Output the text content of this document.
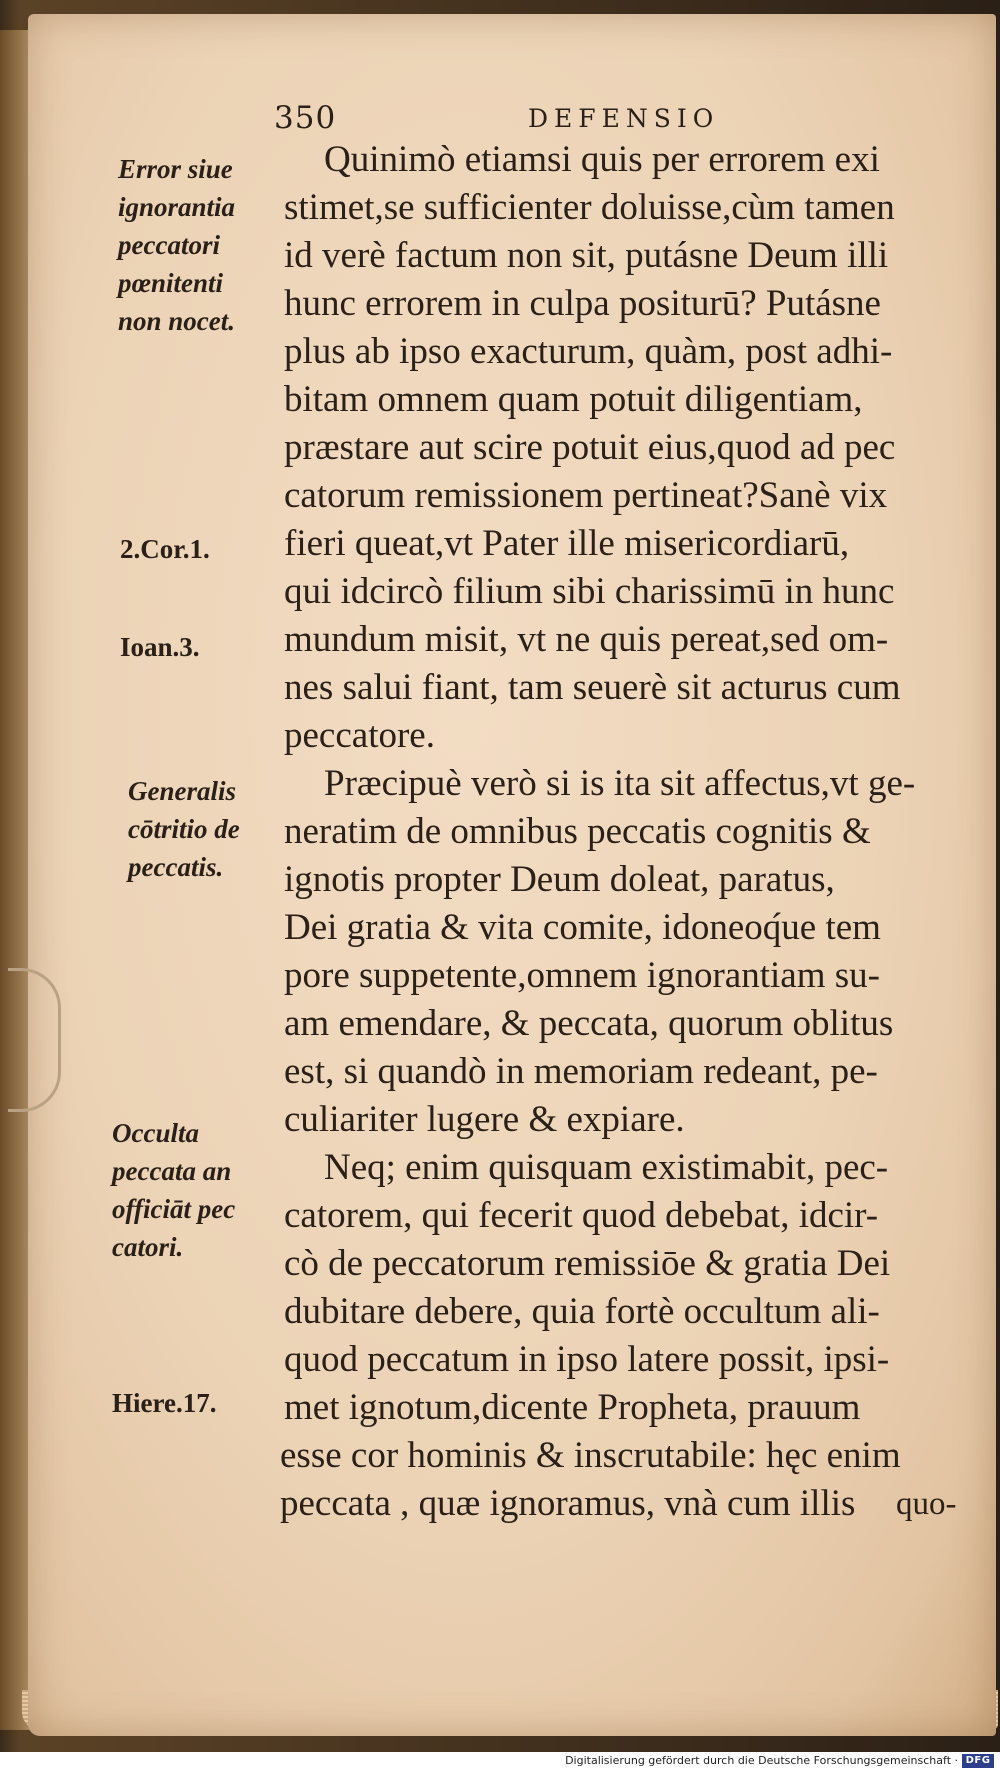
350	DEFENSIO
Error siue
ignorantia
peccatori
pœnitenti
non nocet.
2.Cor.1.
Ioan.3.
Generalis
cōtritio de
peccatis.
Occulta
peccata an
officiāt pec
catori.
Hiere.17.
Quinimò etiamsi quis per errorem exi
stimet,se sufficienter doluisse,cùm tamen
id verè factum non sit, putásne Deum illi
hunc errorem in culpa positurū? Putásne
plus ab ipso exacturum, quàm, post adhi-
bitam omnem quam potuit diligentiam,
præstare aut scire potuit eius,quod ad pec
catorum remissionem pertineat?Sanè vix
fieri queat,vt Pater ille misericordiarū,
qui idcircò filium sibi charissimū in hunc
mundum misit, vt ne quis pereat,sed om-
nes salui fiant, tam seuerè sit acturus cum
peccatore.
Præcipuè verò si is ita sit affectus,vt ge-
neratim de omnibus peccatis cognitis &
ignotis propter Deum doleat, paratus,
Dei gratia & vita comite, idoneoq́ue tem
pore suppetente,omnem ignorantiam su-
am emendare, & peccata, quorum oblitus
est, si quandò in memoriam redeant, pe-
culiariter lugere & expiare.
Neq; enim quisquam existimabit, pec-
catorem, qui fecerit quod debebat, idcir-
cò de peccatorum remissiōe & gratia Dei
dubitare debere, quia fortè occultum ali-
quod peccatum in ipso latere possit, ipsi-
met ignotum,dicente Propheta, prauum
esse cor hominis & inscrutabile: hęc enim
peccata , quæ ignoramus, vnà cum illis	quo-
Digitalisierung gefördert durch die Deutsche Forschungsgemeinschaft · DFG
